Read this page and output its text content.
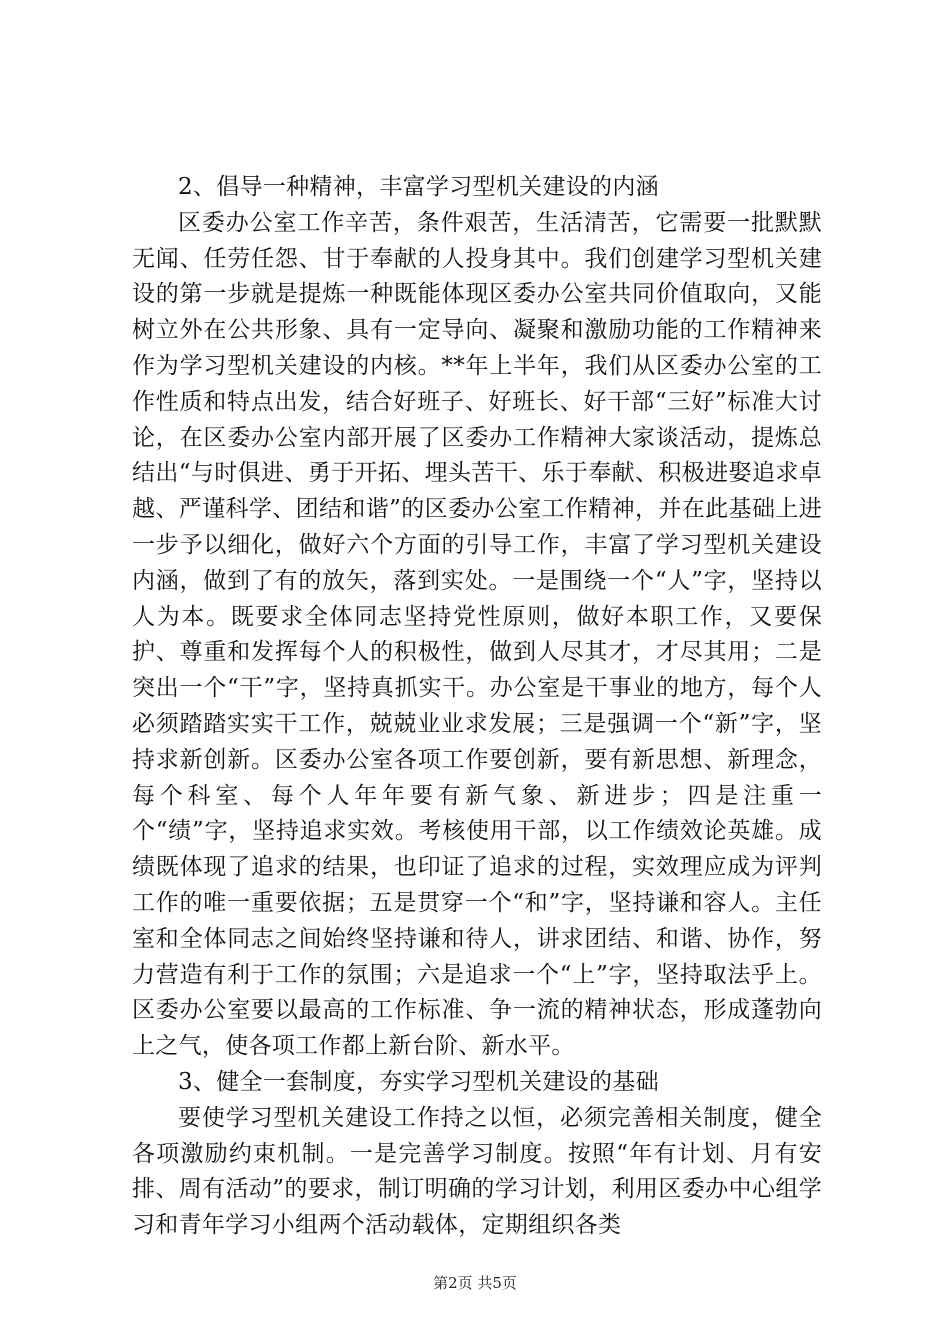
2、倡导一种精神，丰富学习型机关建设的内涵

区委办公室工作辛苦，条件艰苦，生活清苦，它需要一批默默无闻、任劳任怨、甘于奉献的人投身其中。我们创建学习型机关建设的第一步就是提炼一种既能体现区委办公室共同价值取向，又能树立外在公共形象、具有一定导向、凝聚和激励功能的工作精神来作为学习型机关建设的内核。**年上半年，我们从区委办公室的工作性质和特点出发，结合好班子、好班长、好干部“三好”标准大讨论，在区委办公室内部开展了区委办工作精神大家谈活动，提炼总结出“与时俱进、勇于开拓、埋头苦干、乐于奉献、积极进娶追求卓越、严谨科学、团结和谐”的区委办公室工作精神，并在此基础上进一步予以细化，做好六个方面的引导工作，丰富了学习型机关建设内涵，做到了有的放矢，落到实处。一是围绕一个“人”字，坚持以人为本。既要求全体同志坚持党性原则，做好本职工作，又要保护、尊重和发挥每个人的积极性，做到人尽其才，才尽其用；二是突出一个“干”字，坚持真抓实干。办公室是干事业的地方，每个人必须踏踏实实干工作，兢兢业业求发展；三是强调一个“新”字，坚持求新创新。区委办公室各项工作要创新，要有新思想、新理念，每个科室、每个人年年要有新气象、新进步；四是注重一个“绩”字，坚持追求实效。考核使用干部，以工作绩效论英雄。成绩既体现了追求的结果，也印证了追求的过程，实效理应成为评判工作的唯一重要依据；五是贯穿一个“和”字，坚持谦和容人。主任室和全体同志之间始终坚持谦和待人，讲求团结、和谐、协作，努力营造有利于工作的氛围；六是追求一个“上”字，坚持取法乎上。区委办公室要以最高的工作标准、争一流的精神状态，形成蓬勃向上之气，使各项工作都上新台阶、新水平。

3、健全一套制度，夯实学习型机关建设的基础

要使学习型机关建设工作持之以恒，必须完善相关制度，健全各项激励约束机制。一是完善学习制度。按照“年有计划、月有安排、周有活动”的要求，制订明确的学习计划，利用区委办中心组学习和青年学习小组两个活动载体，定期组织各类

第2页 共5页
